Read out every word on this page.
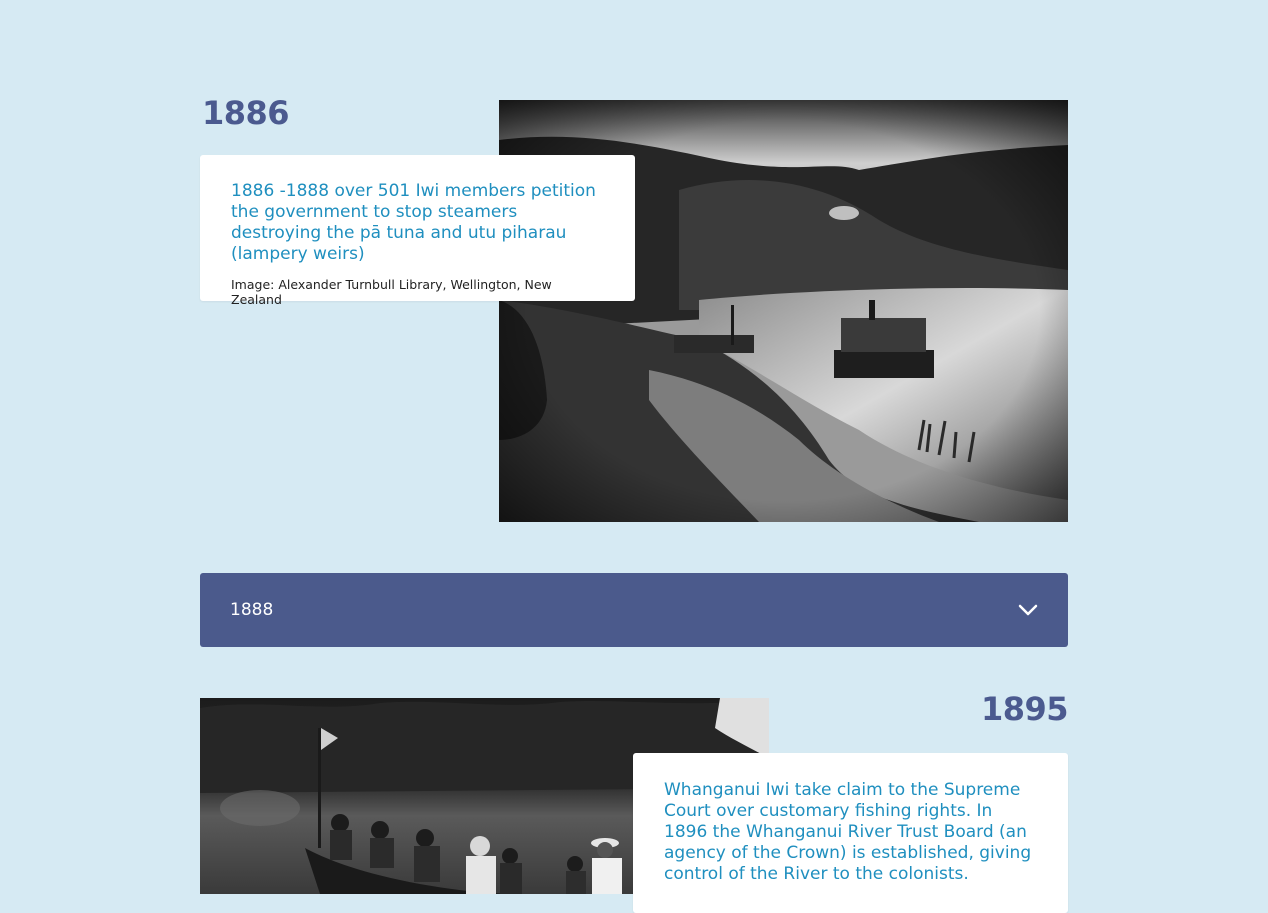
1886

1886 -1888 over 501 Iwi members petition the government to stop steamers destroying the pā tuna and utu piharau (lampery weirs)

Image: Alexander Turnbull Library, Wellington, New Zealand
1888
1895

Whanganui Iwi take claim to the Supreme Court over customary fishing rights. In 1896 the Whanganui River Trust Board (an agency of the Crown) is established, giving control of the River to the colonists.
